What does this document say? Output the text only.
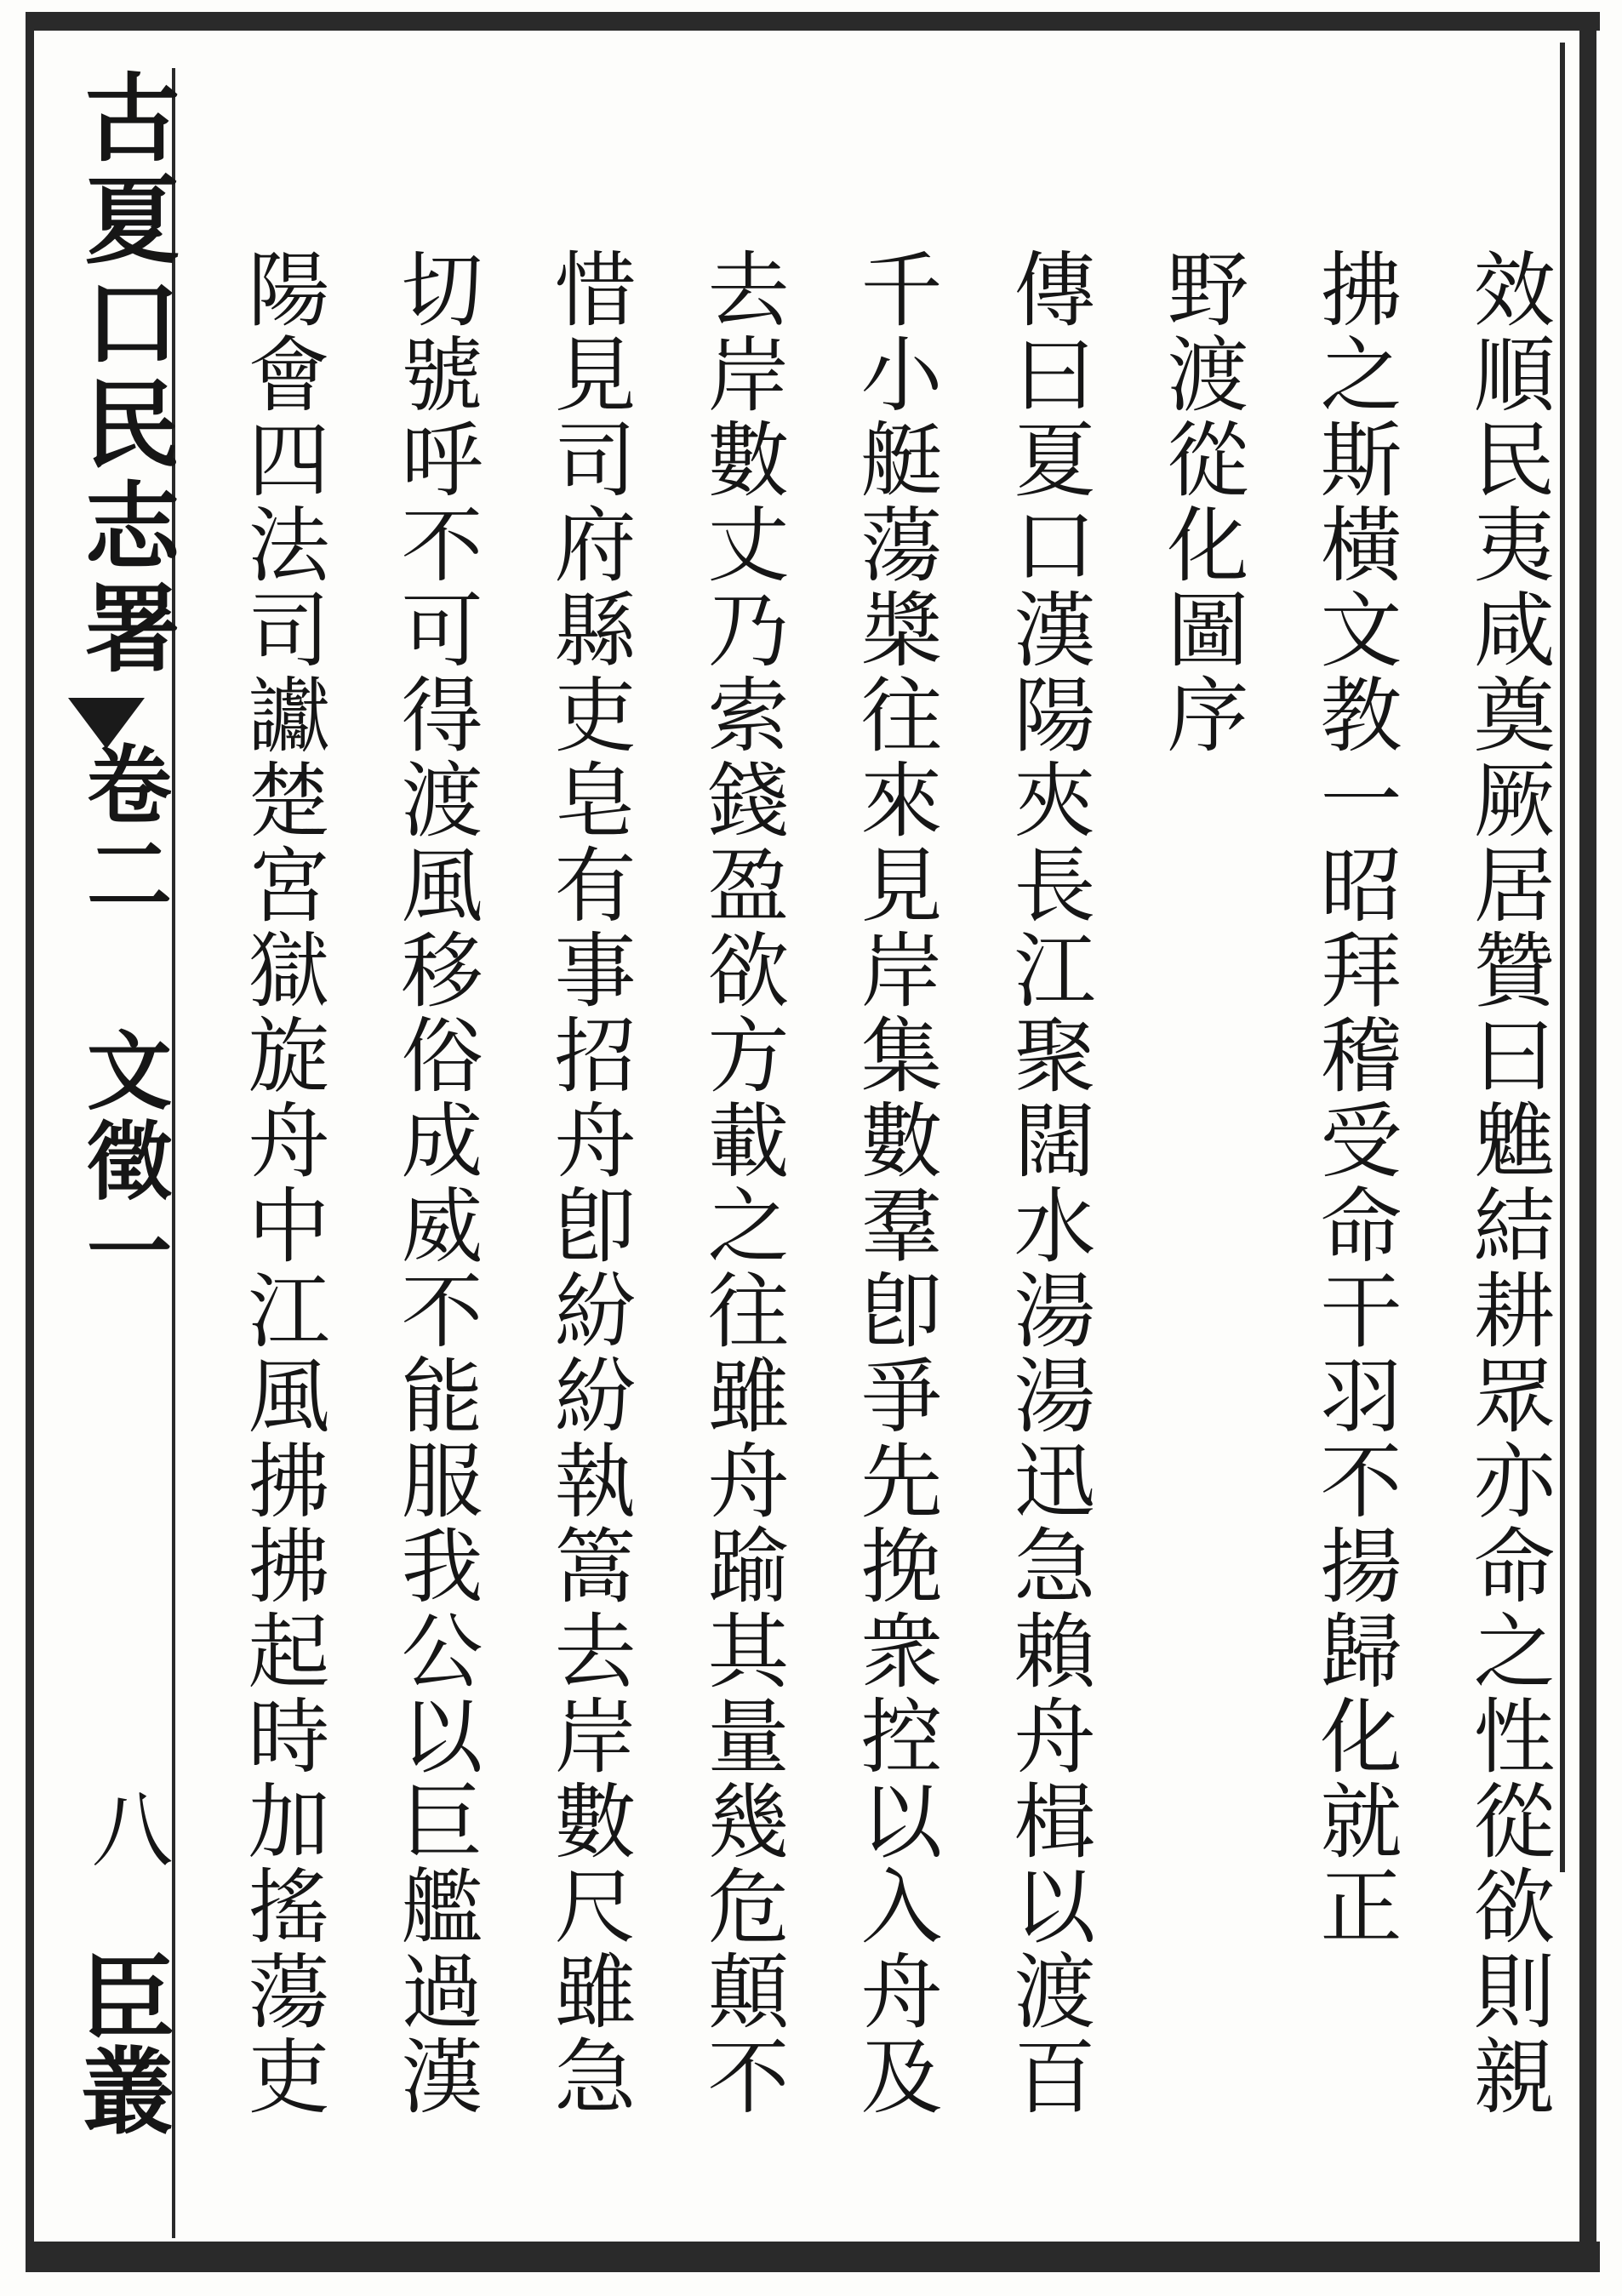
古夏口民志署
卷二 文徵一
八
臣叢	效順民夷咸奠厥居贊曰魋結耕眾亦命之性從欲則親
拂之斯橫文教一昭拜稽受命干羽不揚歸化就正
野渡從化圖序
傳曰夏口漢陽夾長江聚闊水湯湯迅急賴舟楫以渡百
千小艇蕩槳往來見岸集數羣卽爭先挽衆控以入舟及
去岸數丈乃索錢盈欲方載之往雖舟踰其量幾危顛不
惜見司府縣吏皂有事招舟卽紛紛執篙去岸數尺雖急
切號呼不可得渡風移俗成威不能服我公以巨艦過漢
陽會四法司讞楚宮獄旋舟中江風拂拂起時加搖蕩吏
